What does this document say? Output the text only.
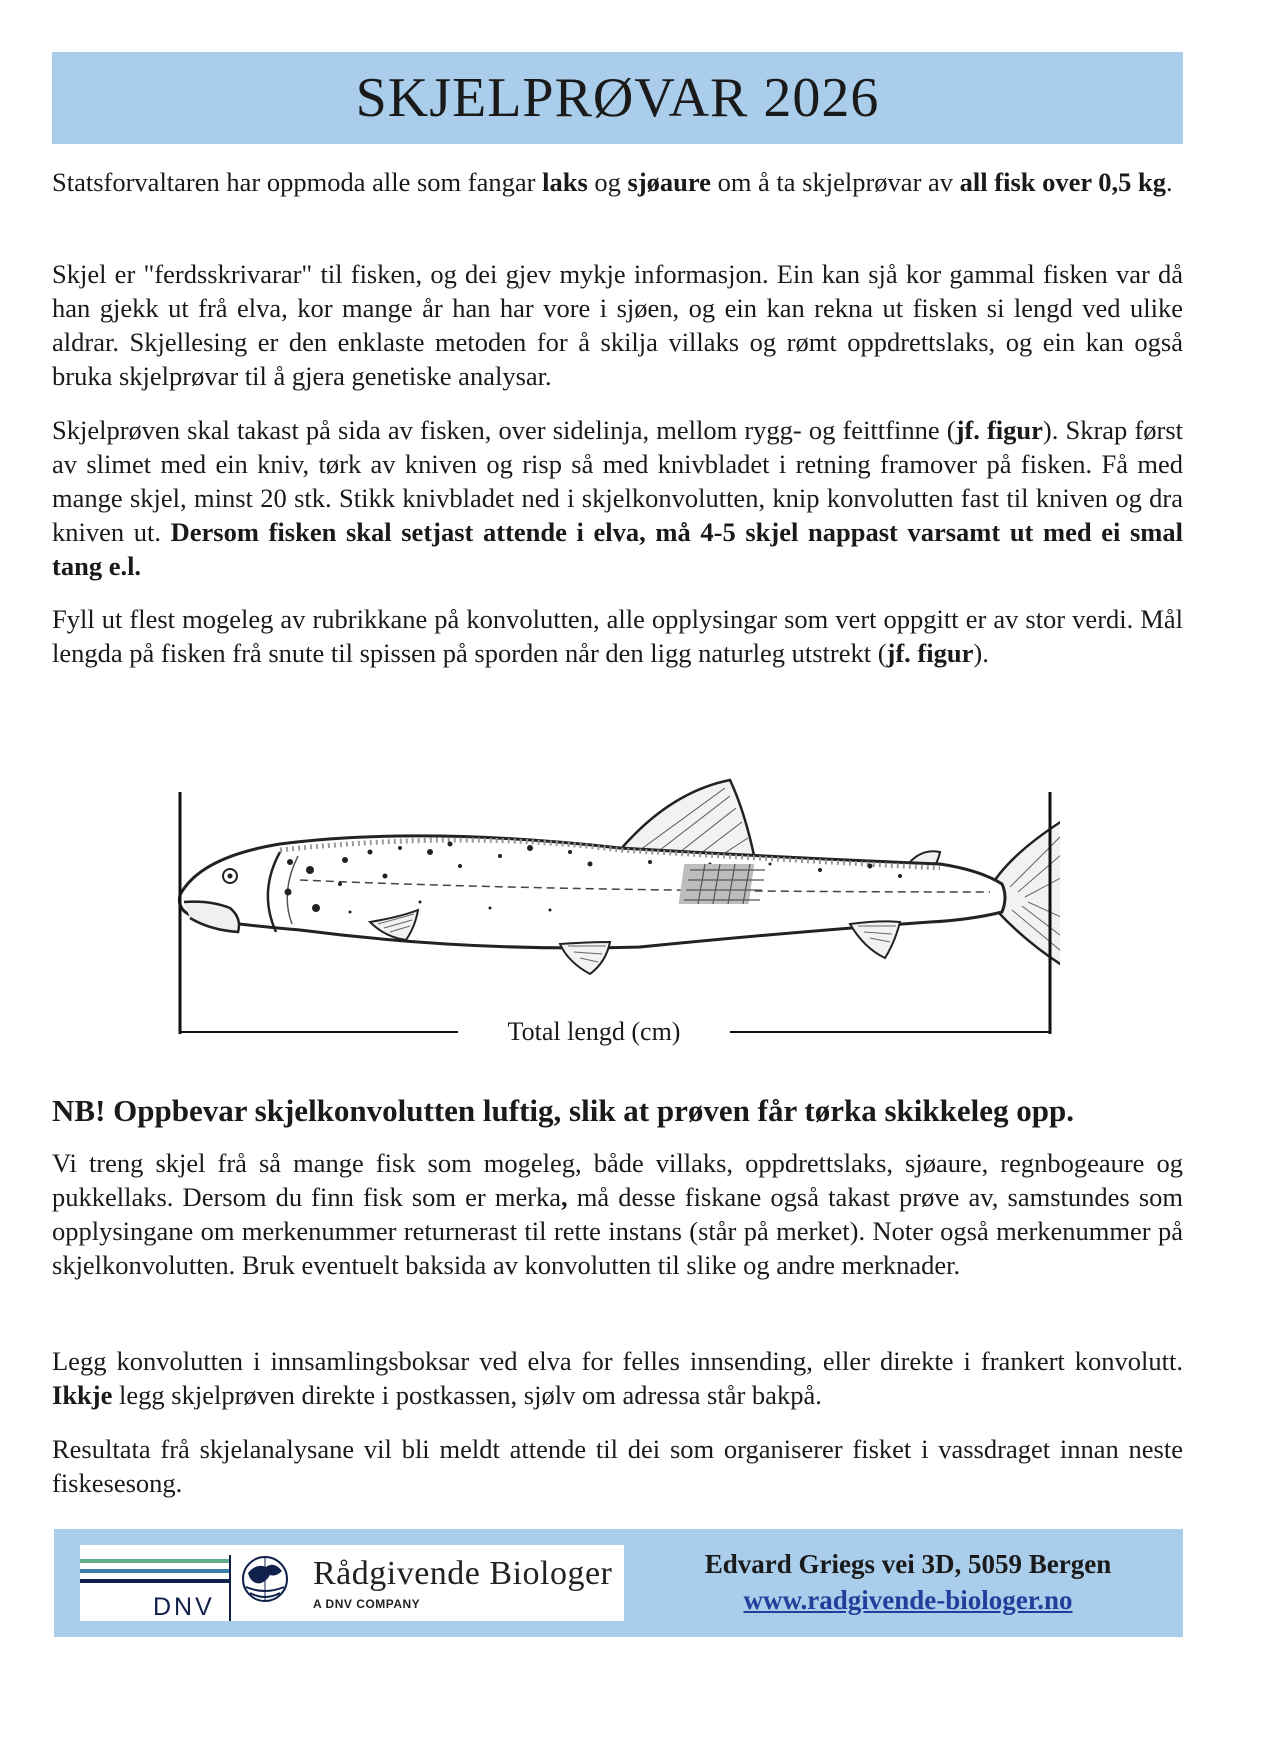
SKJELPRØVAR 2026

Statsforvaltaren har oppmoda alle som fangar laks og sjøaure om å ta skjelprøvar av all fisk over 0,5 kg.

Skjel er "ferdsskrivarar" til fisken, og dei gjev mykje informasjon. Ein kan sjå kor gammal fisken var då han gjekk ut frå elva, kor mange år han har vore i sjøen, og ein kan rekna ut fisken si lengd ved ulike aldrar. Skjellesing er den enklaste metoden for å skilja villaks og rømt oppdrettslaks, og ein kan også bruka skjelprøvar til å gjera genetiske analysar.

Skjelprøven skal takast på sida av fisken, over sidelinja, mellom rygg- og feittfinne (jf. figur). Skrap først av slimet med ein kniv, tørk av kniven og risp så med knivbladet i retning framover på fisken. Få med mange skjel, minst 20 stk. Stikk knivbladet ned i skjelkonvolutten, knip konvolutten fast til kniven og dra kniven ut. Dersom fisken skal setjast attende i elva, må 4-5 skjel nappast varsamt ut med ei smal tang e.l.

Fyll ut flest mogeleg av rubrikkane på konvolutten, alle opplysingar som vert oppgitt er av stor verdi. Mål lengda på fisken frå snute til spissen på sporden når den ligg naturleg utstrekt (jf. figur).

Total lengd (cm)
NB! Oppbevar skjelkonvolutten luftig, slik at prøven får tørka skikkeleg opp.

Vi treng skjel frå så mange fisk som mogeleg, både villaks, oppdrettslaks, sjøaure, regnbogeaure og pukkellaks. Dersom du finn fisk som er merka, må desse fiskane også takast prøve av, samstundes som opplysingane om merkenummer returnerast til rette instans (står på merket). Noter også merkenummer på skjelkonvolutten. Bruk eventuelt baksida av konvolutten til slike og andre merknader.

Legg konvolutten i innsamlingsboksar ved elva for felles innsending, eller direkte i frankert konvolutt. Ikkje legg skjelprøven direkte i postkassen, sjølv om adressa står bakpå.

Resultata frå skjelanalysane vil bli meldt attende til dei som organiserer fisket i vassdraget innan neste fiskesesong.

DNV
Rådgivende Biologer
A DNV COMPANY
Edvard Griegs vei 3D, 5059 Bergen
www.radgivende-biologer.no
